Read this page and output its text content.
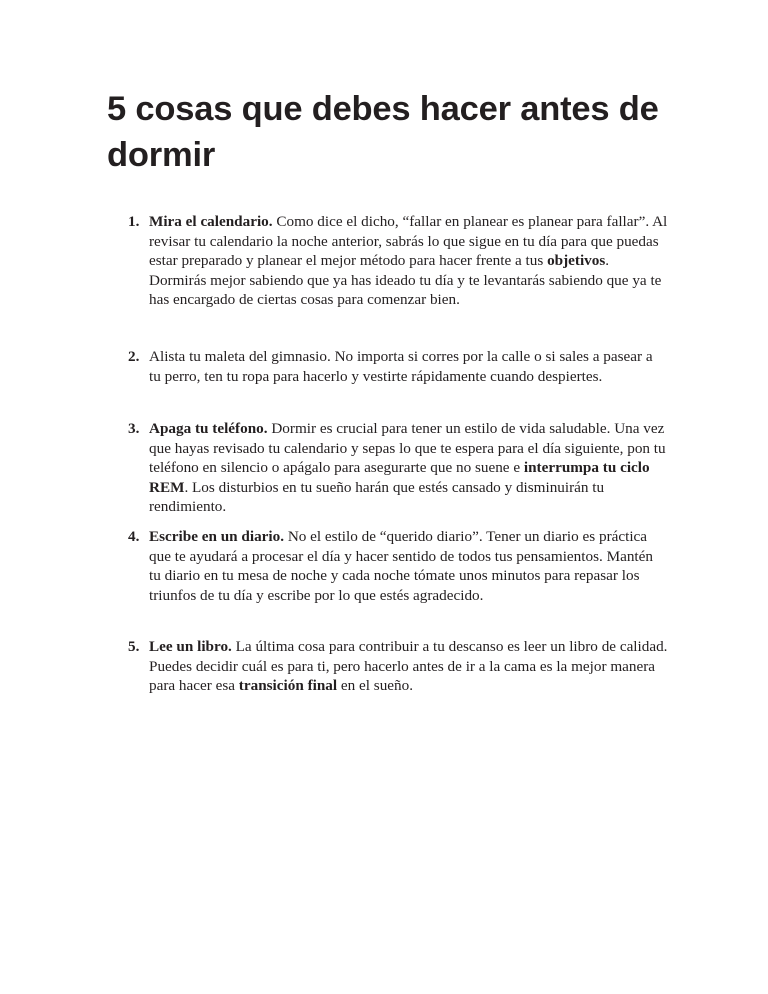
5 cosas que debes hacer antes de dormir
1. Mira el calendario. Como dice el dicho, “fallar en planear es planear para fallar”. Al revisar tu calendario la noche anterior, sabrás lo que sigue en tu día para que puedas estar preparado y planear el mejor método para hacer frente a tus objetivos. Dormirás mejor sabiendo que ya has ideado tu día y te levantarás sabiendo que ya te has encargado de ciertas cosas para comenzar bien.
2. Alista tu maleta del gimnasio. No importa si corres por la calle o si sales a pasear a tu perro, ten tu ropa para hacerlo y vestirte rápidamente cuando despiertes.
3. Apaga tu teléfono. Dormir es crucial para tener un estilo de vida saludable. Una vez que hayas revisado tu calendario y sepas lo que te espera para el día siguiente, pon tu teléfono en silencio o apágalo para asegurarte que no suene e interrumpa tu ciclo REM. Los disturbios en tu sueño harán que estés cansado y disminuirán tu rendimiento.
4. Escribe en un diario. No el estilo de “querido diario”. Tener un diario es práctica que te ayudará a procesar el día y hacer sentido de todos tus pensamientos. Mantén tu diario en tu mesa de noche y cada noche tómate unos minutos para repasar los triunfos de tu día y escribe por lo que estés agradecido.
5. Lee un libro. La última cosa para contribuir a tu descanso es leer un libro de calidad. Puedes decidir cuál es para ti, pero hacerlo antes de ir a la cama es la mejor manera para hacer esa transición final en el sueño.
